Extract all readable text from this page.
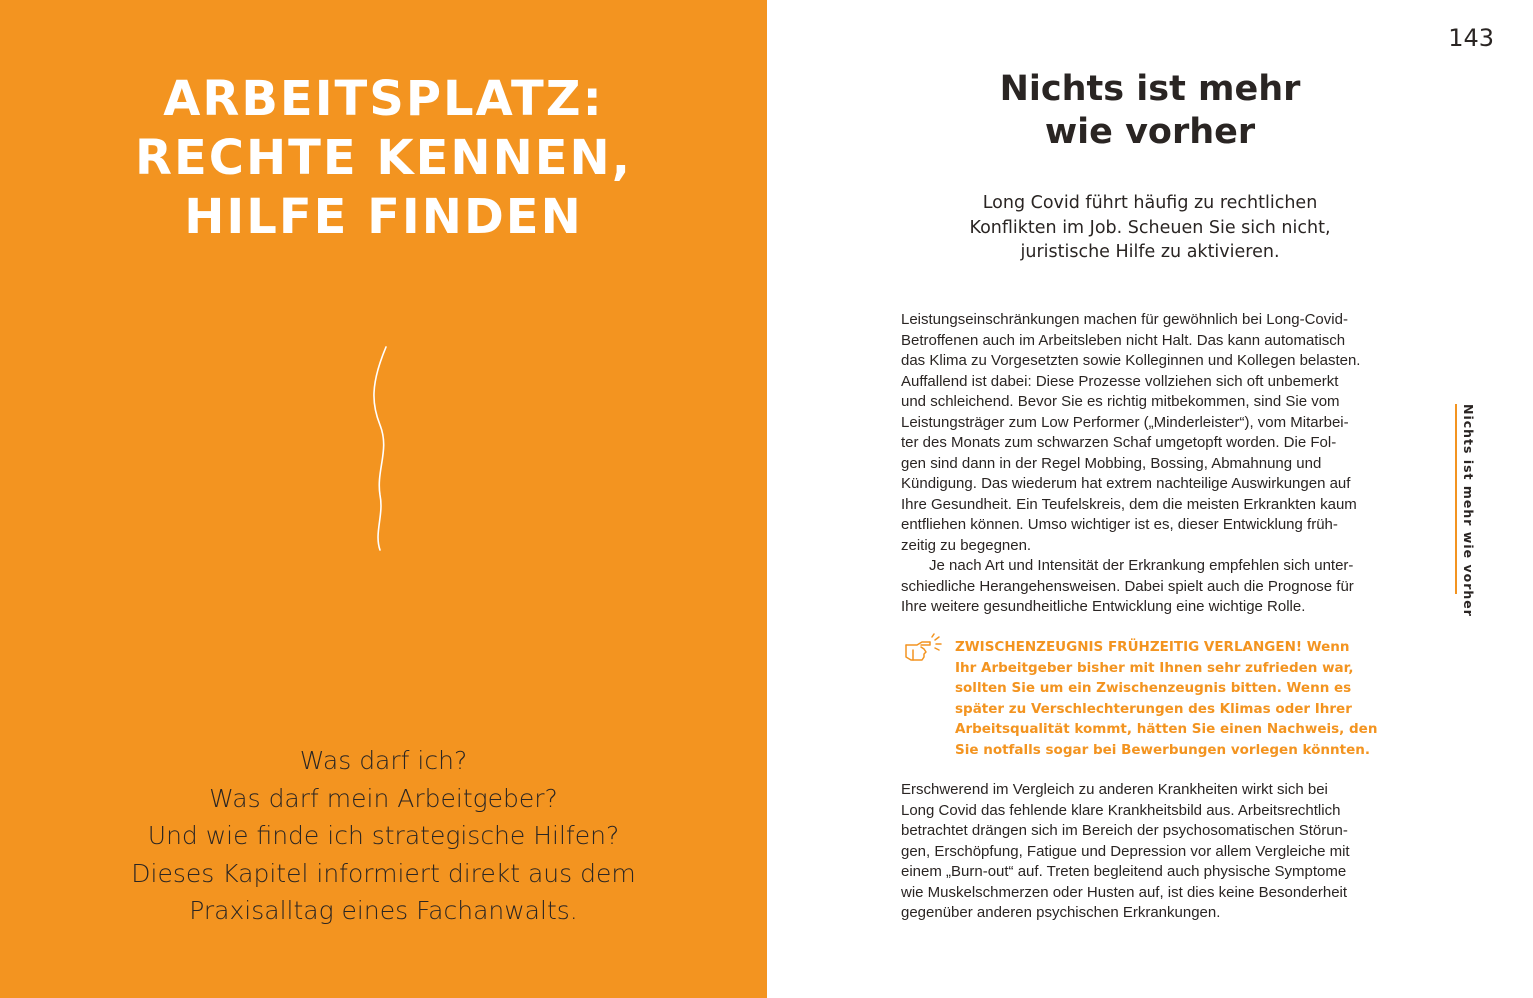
ARBEITSPLATZ:
RECHTE KENNEN,
HILFE FINDEN
Was darf ich?
Was darf mein Arbeitgeber?
Und wie finde ich strategische Hilfen?
Dieses Kapitel informiert direkt aus dem
Praxisalltag eines Fachanwalts.
143
Nichts ist mehr
wie vorher
Long Covid führt häufig zu rechtlichen
Konflikten im Job. Scheuen Sie sich nicht,
juristische Hilfe zu aktivieren.
Leistungseinschränkungen machen für gewöhnlich bei Long-Covid-
Betroffenen auch im Arbeitsleben nicht Halt. Das kann automatisch
das Klima zu Vorgesetzten sowie Kolleginnen und Kollegen belasten.
Auffallend ist dabei: Diese Prozesse vollziehen sich oft unbemerkt
und schleichend. Bevor Sie es richtig mitbekommen, sind Sie vom
Leistungsträger zum Low Performer („Minderleister“), vom Mitarbei-
ter des Monats zum schwarzen Schaf umgetopft worden. Die Fol-
gen sind dann in der Regel Mobbing, Bossing, Abmahnung und
Kündigung. Das wiederum hat extrem nachteilige Auswirkungen auf
Ihre Gesundheit. Ein Teufelskreis, dem die meisten Erkrankten kaum
entfliehen können. Umso wichtiger ist es, dieser Entwicklung früh-
zeitig zu begegnen.
Je nach Art und Intensität der Erkrankung empfehlen sich unter-
schiedliche Herangehensweisen. Dabei spielt auch die Prognose für
Ihre weitere gesundheitliche Entwicklung eine wichtige Rolle.
ZWISCHENZEUGNIS FRÜHZEITIG VERLANGEN! Wenn
Ihr Arbeitgeber bisher mit Ihnen sehr zufrieden war,
sollten Sie um ein Zwischenzeugnis bitten. Wenn es
später zu Verschlechterungen des Klimas oder Ihrer
Arbeitsqualität kommt, hätten Sie einen Nachweis, den
Sie notfalls sogar bei Bewerbungen vorlegen könnten.
Erschwerend im Vergleich zu anderen Krankheiten wirkt sich bei
Long Covid das fehlende klare Krankheitsbild aus. Arbeitsrechtlich
betrachtet drängen sich im Bereich der psychosomatischen Störun-
gen, Erschöpfung, Fatigue und Depression vor allem Vergleiche mit
einem „Burn-out“ auf. Treten begleitend auch physische Symptome
wie Muskelschmerzen oder Husten auf, ist dies keine Besonderheit
gegenüber anderen psychischen Erkrankungen.
Nichts ist mehr wie vorher
